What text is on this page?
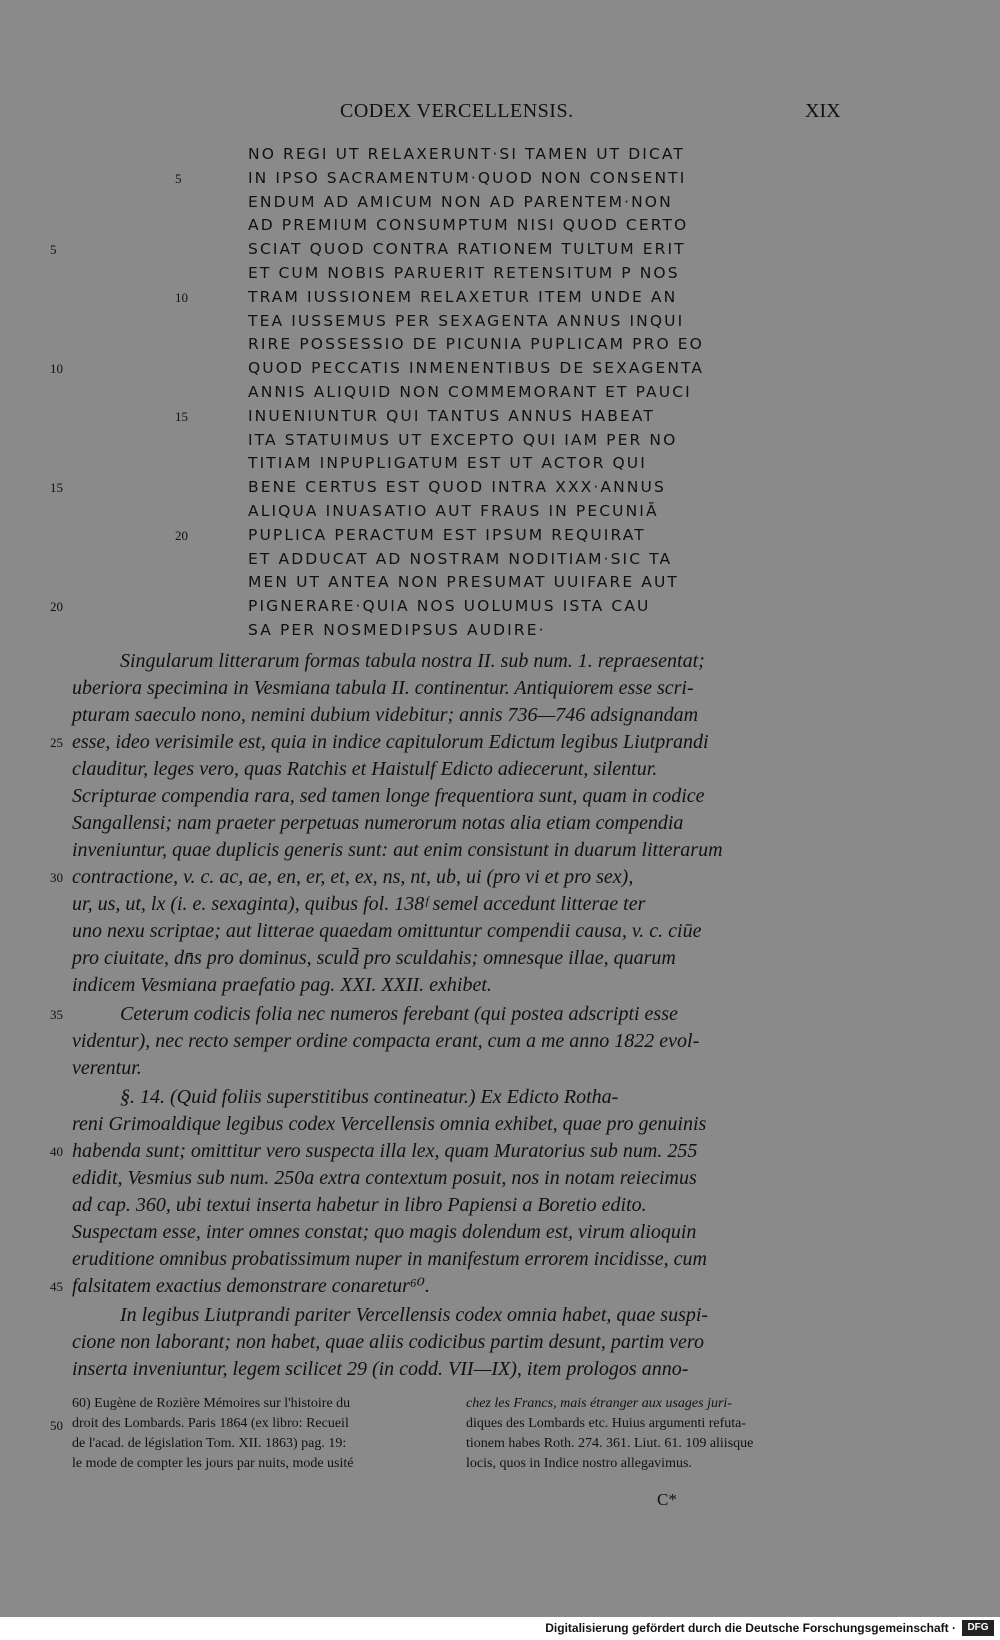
CODEX VERCELLENSIS.	XIX
NO REGI UT RELAXERUNT·SI TAMEN UT DICAT
IN IPSO SACRAMENTUM·QUOD NON CONSENTI
ENDUM AD AMICUM NON AD PARENTEM·NON
AD PREMIUM CONSUMPTUM NISI QUOD CERTO
SCIAT QUOD CONTRA RATIONEM TULTUM ERIT
ET CUM NOBIS PARUERIT RETENSITUM P NOS
TRAM IUSSIONEM RELAXETUR ITEM UNDE AN
TEA IUSSEMUS PER SEXAGENTA ANNUS INQUI
RIRE POSSESSIO DE PICUNIA PUPLICAM PRO EO
QUOD PECCATIS INMENENTIBUS DE SEXAGENTA
ANNIS ALIQUID NON COMMEMORANT ET PAUCI
INUENIUNTUR QUI TANTUS ANNUS HABEAT
ITA STATUIMUS UT EXCEPTO QUI IAM PER NO
TITIAM INPUPLIGATUM EST UT ACTOR QUI
BENE CERTUS EST QUOD INTRA XXX·ANNUS
ALIQUA INUASATIO AUT FRAUS IN PECUNIĀ
PUPLICA PERACTUM EST IPSUM REQUIRAT
ET ADDUCAT AD NOSTRAM NODITIAM·SIC TA
MEN UT ANTEA NON PRESUMAT UUIFARE AUT
PIGNERARE·QUIA NOS UOLUMUS ISTA CAU
SA PER NOSMEDIPSUS AUDIRE·
5
10
15
20
5
10
15
20
Singularum litterarum formas tabula nostra II. sub num. 1. repraesentat;
uberiora specimina in Vesmiana tabula II. continentur. Antiquiorem esse scri-
pturam saeculo nono, nemini dubium videbitur; annis 736—746 adsignandam
esse, ideo verisimile est, quia in indice capitulorum Edictum legibus Liutprandi
clauditur, leges vero, quas Ratchis et Haistulf Edicto adiecerunt, silentur.
Scripturae compendia rara, sed tamen longe frequentiora sunt, quam in codice
Sangallensi; nam praeter perpetuas numerorum notas alia etiam compendia
inveniuntur, quae duplicis generis sunt: aut enim consistunt in duarum litterarum
contractione, v. c. ac, ae, en, er, et, ex, ns, nt, ub, ui (pro vi et pro sex),
ur, us, ut, lx (i. e. sexaginta), quibus fol. 138ᶠ semel accedunt litterae ter
uno nexu scriptae; aut litterae quaedam omittuntur compendii causa, v. c. ciūe
pro ciuitate, dn̄s pro dominus, sculd̄ pro sculdahis; omnesque illae, quarum
indicem Vesmiana praefatio pag. XXI. XXII. exhibet.
Ceterum codicis folia nec numeros ferebant (qui postea adscripti esse
videntur), nec recto semper ordine compacta erant, cum a me anno 1822 evol-
verentur.
§. 14. (Quid foliis superstitibus contineatur.) Ex Edicto Rotha-
reni Grimoaldique legibus codex Vercellensis omnia exhibet, quae pro genuinis
habenda sunt; omittitur vero suspecta illa lex, quam Muratorius sub num. 255
edidit, Vesmius sub num. 250a extra contextum posuit, nos in notam reiecimus
ad cap. 360, ubi textui inserta habetur in libro Papiensi a Boretio edito.
Suspectam esse, inter omnes constat; quo magis dolendum est, virum alioquin
eruditione omnibus probatissimum nuper in manifestum errorem incidisse, cum
falsitatem exactius demonstrare conaretur⁶⁰.
In legibus Liutprandi pariter Vercellensis codex omnia habet, quae suspi-
cione non laborant; non habet, quae aliis codicibus partim desunt, partim vero
inserta inveniuntur, legem scilicet 29 (in codd. VII—IX), item prologos anno-
25
30
35
40
45
60) Eugène de Rozière Mémoires sur l'histoire du
droit des Lombards. Paris 1864 (ex libro: Recueil
de l'acad. de législation Tom. XII. 1863) pag. 19:
le mode de compter les jours par nuits, mode usité
chez les Francs, mais étranger aux usages juri-
diques des Lombards etc. Huius argumenti refuta-
tionem habes Roth. 274. 361. Liut. 61. 109 aliisque
locis, quos in Indice nostro allegavimus.
50
C*
Digitalisierung gefördert durch die Deutsche Forschungsgemeinschaft ·	DFG
